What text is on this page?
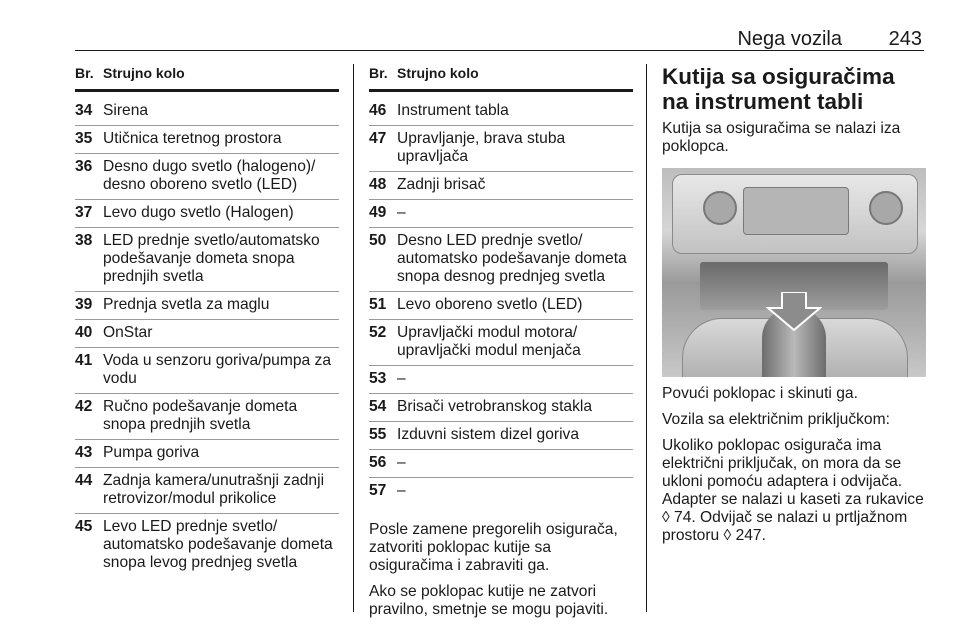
Nega vozila 243
Br. Strujno kolo
34 Sirena
35 Utičnica teretnog prostora
36 Desno dugo svetlo (halogeno)/ desno oboreno svetlo (LED)
37 Levo dugo svetlo (Halogen)
38 LED prednje svetlo/automatsko podešavanje dometa snopa prednjih svetla
39 Prednja svetla za maglu
40 OnStar
41 Voda u senzoru goriva/pumpa za vodu
42 Ručno podešavanje dometa snopa prednjih svetla
43 Pumpa goriva
44 Zadnja kamera/unutrašnji zadnji retrovizor/modul prikolice
45 Levo LED prednje svetlo/ automatsko podešavanje dometa snopa levog prednjeg svetla
Br. Strujno kolo
46 Instrument tabla
47 Upravljanje, brava stuba upravljača
48 Zadnji brisač
49 –
50 Desno LED prednje svetlo/ automatsko podešavanje dometa snopa desnog prednjeg svetla
51 Levo oboreno svetlo (LED)
52 Upravljački modul motora/ upravljački modul menjača
53 –
54 Brisači vetrobranskog stakla
55 Izduvni sistem dizel goriva
56 –
57 –

Posle zamene pregorelih osigurača, zatvoriti poklopac kutije sa osiguračima i zabraviti ga.

Ako se poklopac kutije ne zatvori pravilno, smetnje se mogu pojaviti.

Kutija sa osiguračima na instrument tabli

Kutija sa osiguračima se nalazi iza poklopca.

Povući poklopac i skinuti ga.

Vozila sa električnim priključkom:

Ukoliko poklopac osigurača ima električni priključak, on mora da se ukloni pomoću adaptera i odvijača. Adapter se nalazi u kaseti za rukavice ◊ 74. Odvijač se nalazi u prtljažnom prostoru ◊ 247.
